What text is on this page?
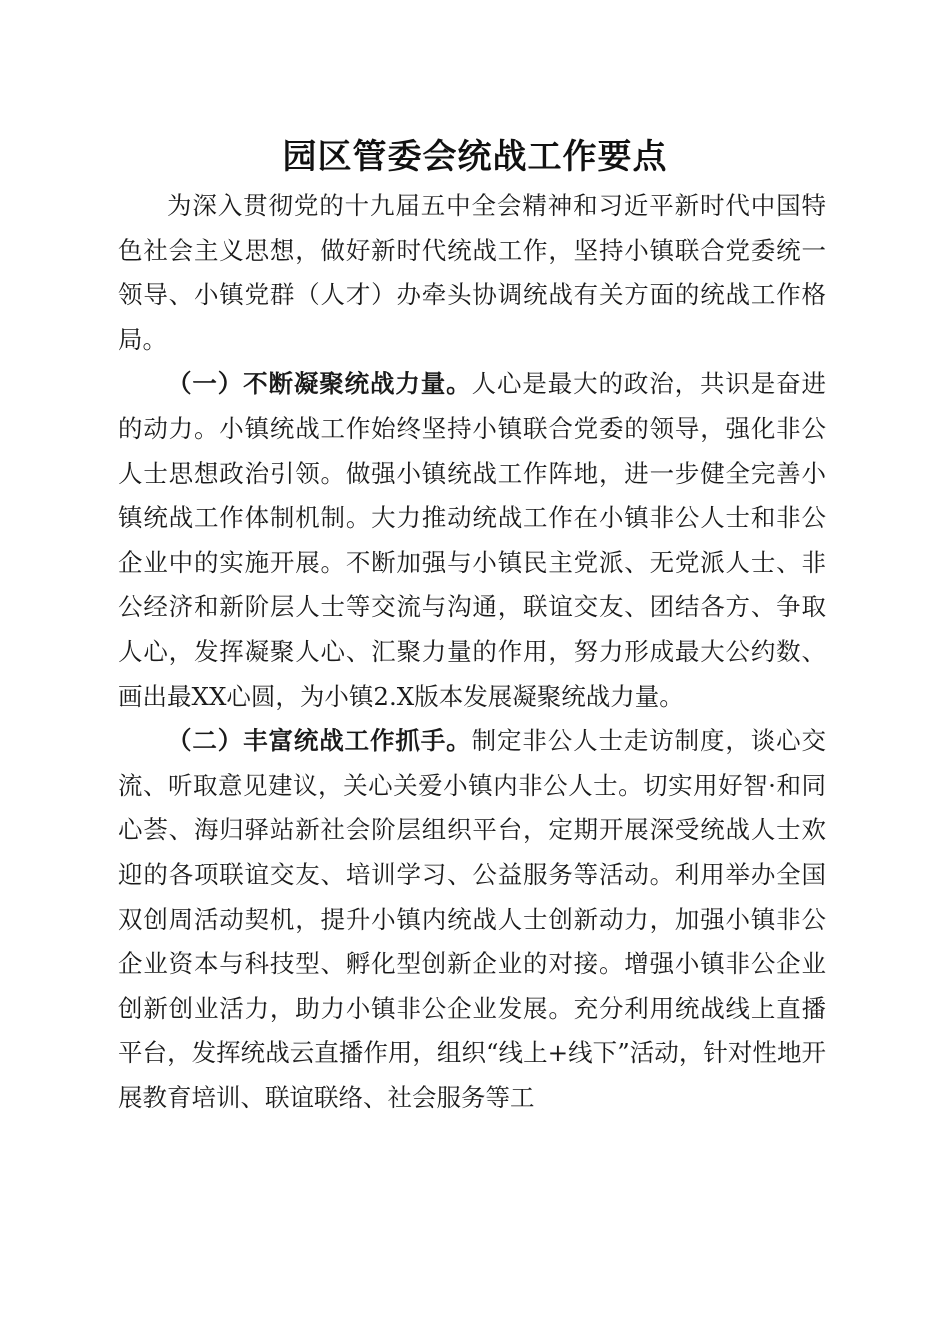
园区管委会统战工作要点

为深入贯彻党的十九届五中全会精神和习近平新时代中国特色社会主义思想，做好新时代统战工作，坚持小镇联合党委统一领导、小镇党群（人才）办牵头协调统战有关方面的统战工作格局。

（一）不断凝聚统战力量。人心是最大的政治，共识是奋进的动力。小镇统战工作始终坚持小镇联合党委的领导，强化非公人士思想政治引领。做强小镇统战工作阵地，进一步健全完善小镇统战工作体制机制。大力推动统战工作在小镇非公人士和非公企业中的实施开展。不断加强与小镇民主党派、无党派人士、非公经济和新阶层人士等交流与沟通，联谊交友、团结各方、争取人心，发挥凝聚人心、汇聚力量的作用，努力形成最大公约数、画出最XX心圆，为小镇2.X版本发展凝聚统战力量。

（二）丰富统战工作抓手。制定非公人士走访制度，谈心交流、听取意见建议，关心关爱小镇内非公人士。切实用好智·和同心荟、海归驿站新社会阶层组织平台，定期开展深受统战人士欢迎的各项联谊交友、培训学习、公益服务等活动。利用举办全国双创周活动契机，提升小镇内统战人士创新动力，加强小镇非公企业资本与科技型、孵化型创新企业的对接。增强小镇非公企业创新创业活力，助力小镇非公企业发展。充分利用统战线上直播平台，发挥统战云直播作用，组织“线上+线下”活动，针对性地开展教育培训、联谊联络、社会服务等工
